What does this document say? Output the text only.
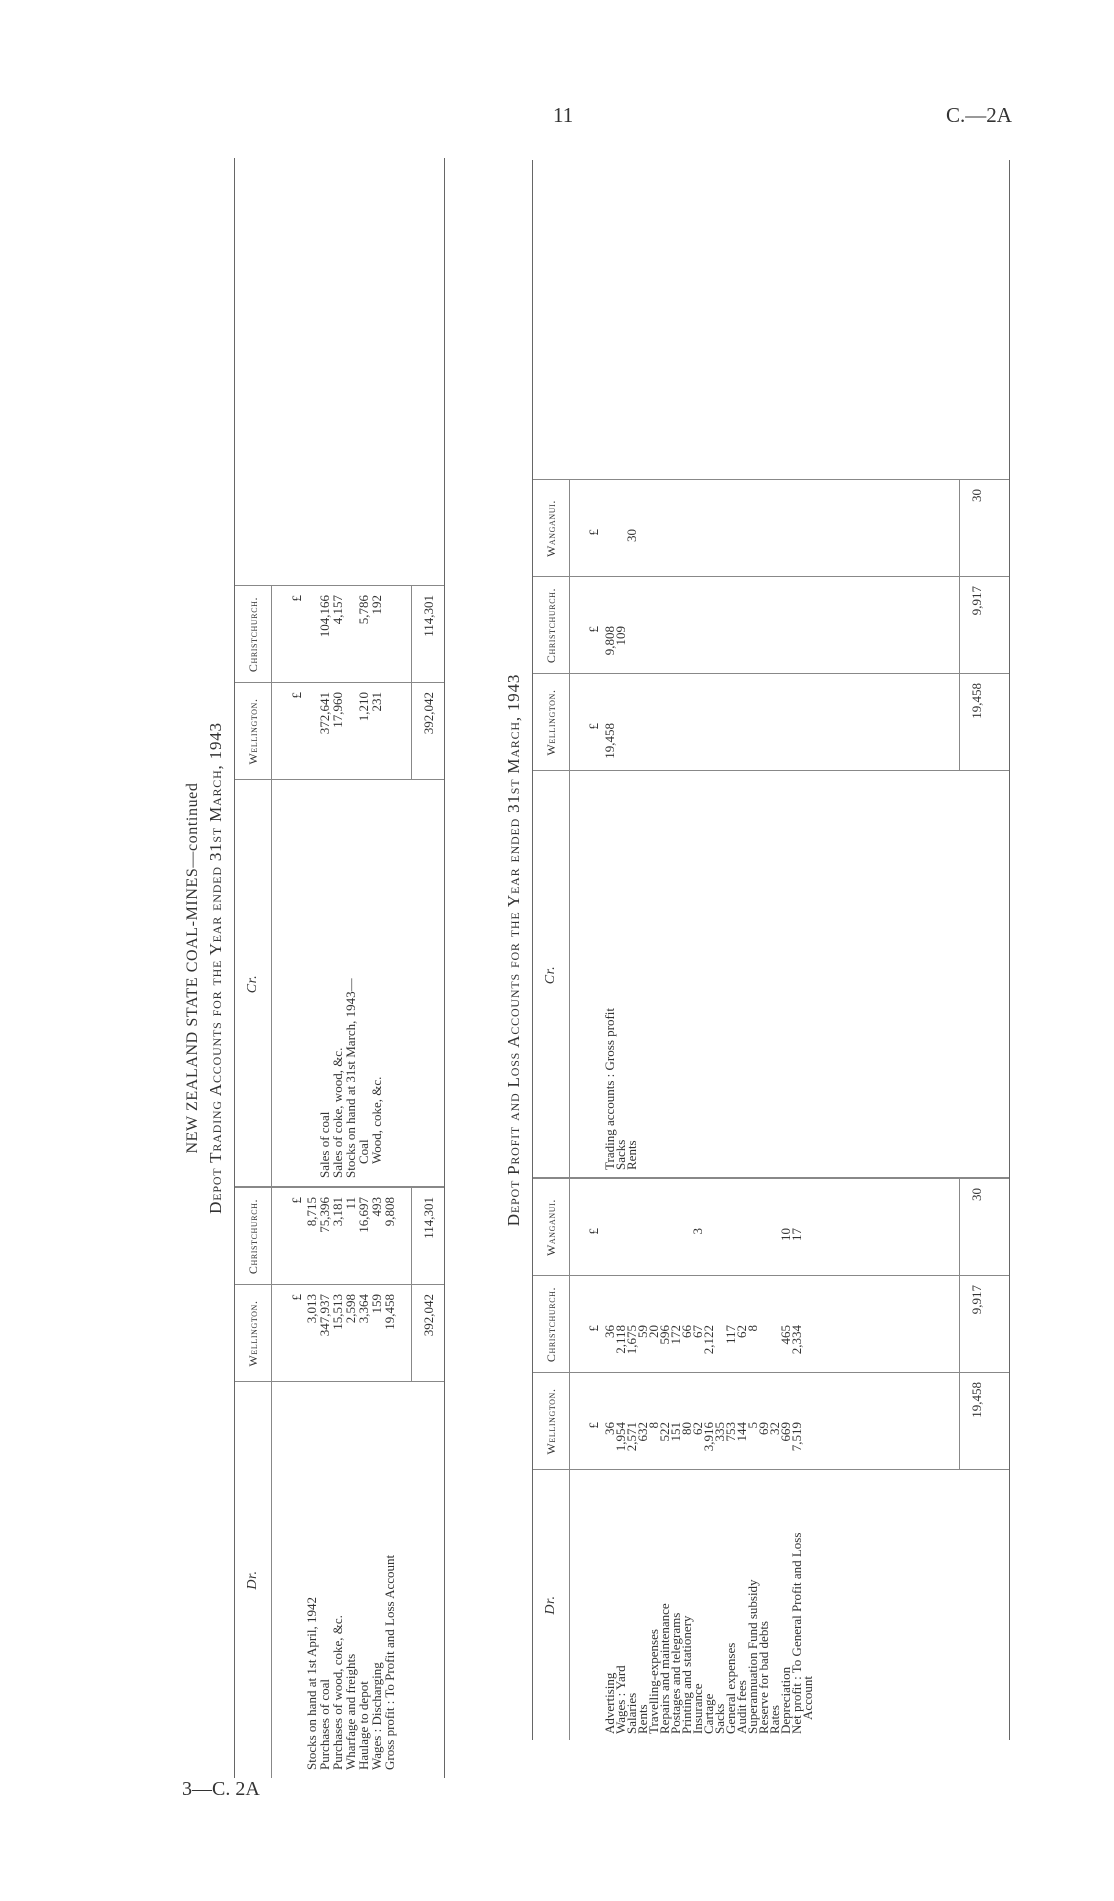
11	C.—2A
3—C. 2A
NEW ZEALAND STATE COAL-MINES—continued Depot Trading Accounts for the Year ended 31st March, 1943
Dr.
Wellington.
Christchurch.
Cr.
Wellington.
Christchurch.
£
£
£
£
Stocks on hand at 1st April, 1942
3,013
8,715
Purchases of coal
347,937
75,396
Purchases of wood, coke, &c.
15,513
3,181
Wharfage and freights
2,598
11
Haulage to depot
3,364
16,697
Wages : Discharging
159
493
Gross profit : To Profit and Loss Account
19,458
9,808
Sales of coal
372,641
104,166
Sales of coke, wood, &c.
17,960
4,157
Stocks on hand at 31st March, 1943—
Coal
1,210
5,786
Wood, coke, &c.
231
192
392,042
114,301
392,042
114,301
Depot Profit and Loss Accounts for the Year ended 31st March, 1943
Dr.
Wellington.
Christchurch.
Wanganui.
Cr.
Wellington.
Christchurch.
Wanganui.
£
£
£
£
£
£
Advertising
36
36
Wages : Yard
1,954
2,118
Salaries
2,571
1,675
Rents
632
59
Travelling-expenses
8
20
Repairs and maintenance
522
596
Postages and telegrams
151
172
Printing and stationery
80
66
Insurance
62
67
3
Cartage
3,916
2,122
Sacks
335
General expenses
753
117
Audit fees
144
62
Superannuation Fund subsidy
5
8
Reserve for bad debts
69
Rates
32
Depreciation
669
465
10
Net profit : To General Profit and Loss
7,519
2,334
17
Account
Trading accounts : Gross profit
19,458
9,808
Sacks
109
Rents
30
19,458
9,917
30
19,458
9,917
30
